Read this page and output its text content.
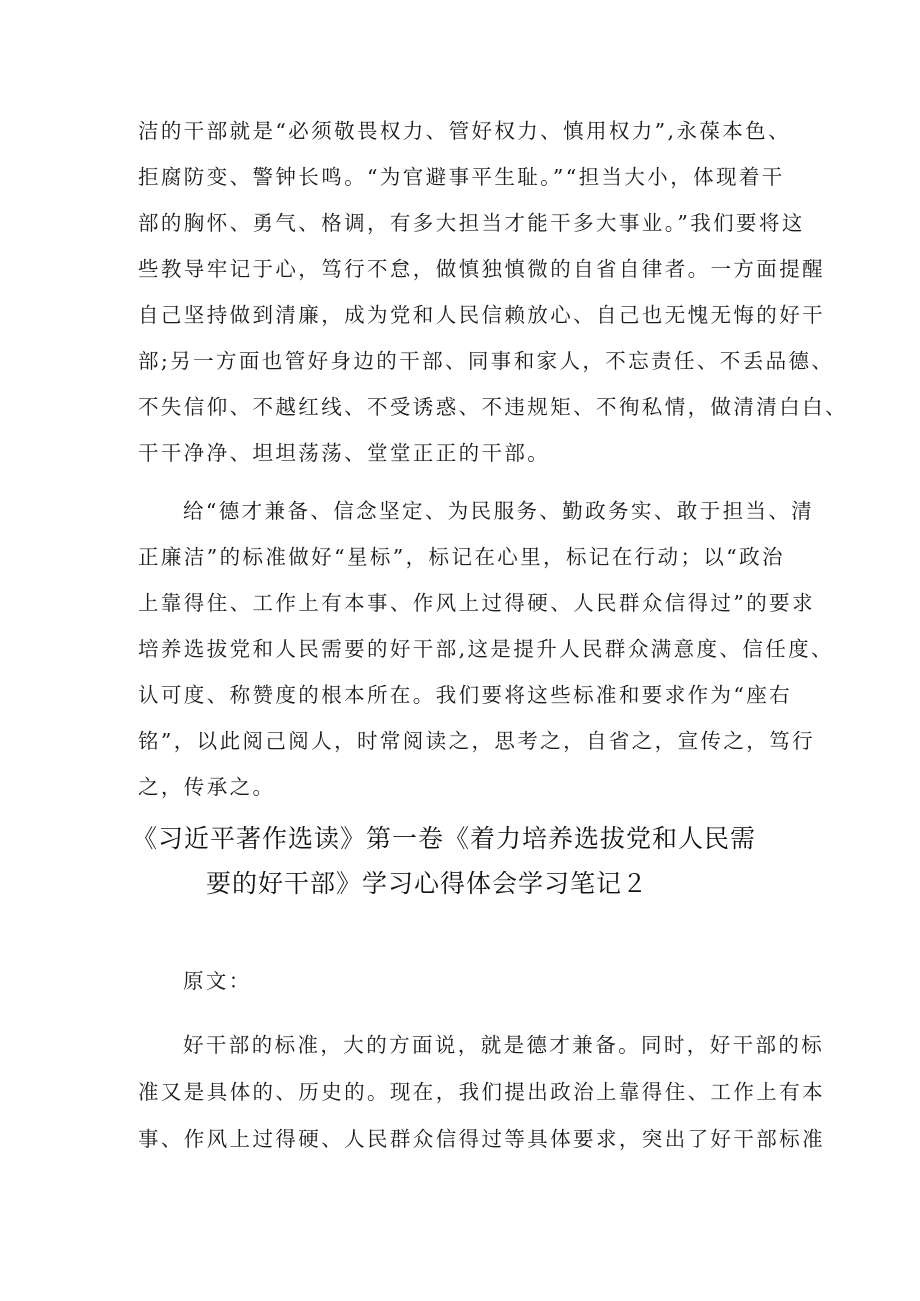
洁的干部就是“必须敬畏权力、管好权力、慎用权力”,永葆本色、
拒腐防变、警钟长鸣。“为官避事平生耻。”“担当大小，体现着干
部的胸怀、勇气、格调，有多大担当才能干多大事业。”我们要将这
些教导牢记于心，笃行不怠，做慎独慎微的自省自律者。一方面提醒
自己坚持做到清廉，成为党和人民信赖放心、自己也无愧无悔的好干
部;另一方面也管好身边的干部、同事和家人，不忘责任、不丢品德、
不失信仰、不越红线、不受诱惑、不违规矩、不徇私情，做清清白白、
干干净净、坦坦荡荡、堂堂正正的干部。
给“德才兼备、信念坚定、为民服务、勤政务实、敢于担当、清
正廉洁”的标准做好“星标”，标记在心里，标记在行动；以“政治
上靠得住、工作上有本事、作风上过得硬、人民群众信得过”的要求
培养选拔党和人民需要的好干部,这是提升人民群众满意度、信任度、
认可度、称赞度的根本所在。我们要将这些标准和要求作为“座右
铭”，以此阅己阅人，时常阅读之，思考之，自省之，宣传之，笃行
之，传承之。
《习近平著作选读》第一卷《着力培养选拔党和人民需
要的好干部》学习心得体会学习笔记２
原文：
好干部的标准，大的方面说，就是德才兼备。同时，好干部的标
准又是具体的、历史的。现在，我们提出政治上靠得住、工作上有本
事、作风上过得硬、人民群众信得过等具体要求，突出了好干部标准
